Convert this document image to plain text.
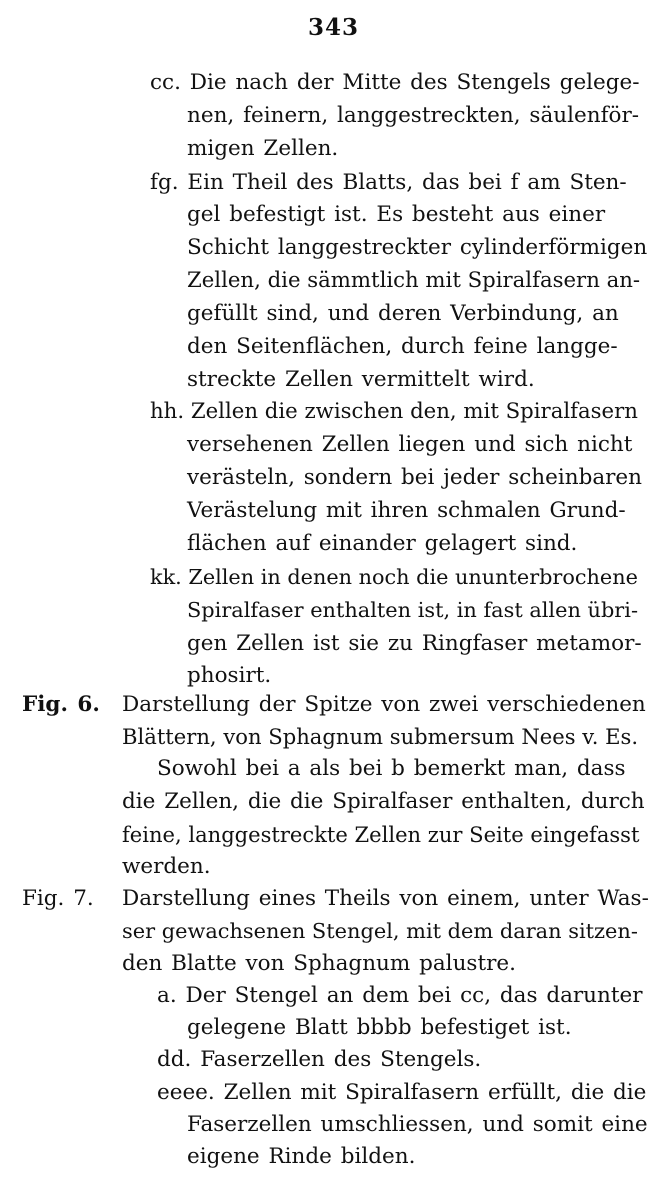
343
cc. Die nach der Mitte des Stengels gelege-
nen, feinern, langgestreckten, säulenför-
migen Zellen.
fg. Ein Theil des Blatts, das bei f am Sten-
gel befestigt ist. Es besteht aus einer
Schicht langgestreckter cylinderförmigen
Zellen, die sämmtlich mit Spiralfasern an-
gefüllt sind, und deren Verbindung, an
den Seitenflächen, durch feine langge-
streckte Zellen vermittelt wird.
hh. Zellen die zwischen den, mit Spiralfasern
versehenen Zellen liegen und sich nicht
verästeln, sondern bei jeder scheinbaren
Verästelung mit ihren schmalen Grund-
flächen auf einander gelagert sind.
kk. Zellen in denen noch die ununterbrochene
Spiralfaser enthalten ist, in fast allen übri-
gen Zellen ist sie zu Ringfaser metamor-
phosirt.
Fig. 6. Darstellung der Spitze von zwei verschiedenen
Blättern, von Sphagnum submersum Nees v. Es.
Sowohl bei a als bei b bemerkt man, dass
die Zellen, die die Spiralfaser enthalten, durch
feine, langgestreckte Zellen zur Seite eingefasst
werden.
Fig. 7. Darstellung eines Theils von einem, unter Was-
ser gewachsenen Stengel, mit dem daran sitzen-
den Blatte von Sphagnum palustre.
a. Der Stengel an dem bei cc, das darunter
gelegene Blatt bbbb befestiget ist.
dd. Faserzellen des Stengels.
eeee. Zellen mit Spiralfasern erfüllt, die die
Faserzellen umschliessen, und somit eine
eigene Rinde bilden.
